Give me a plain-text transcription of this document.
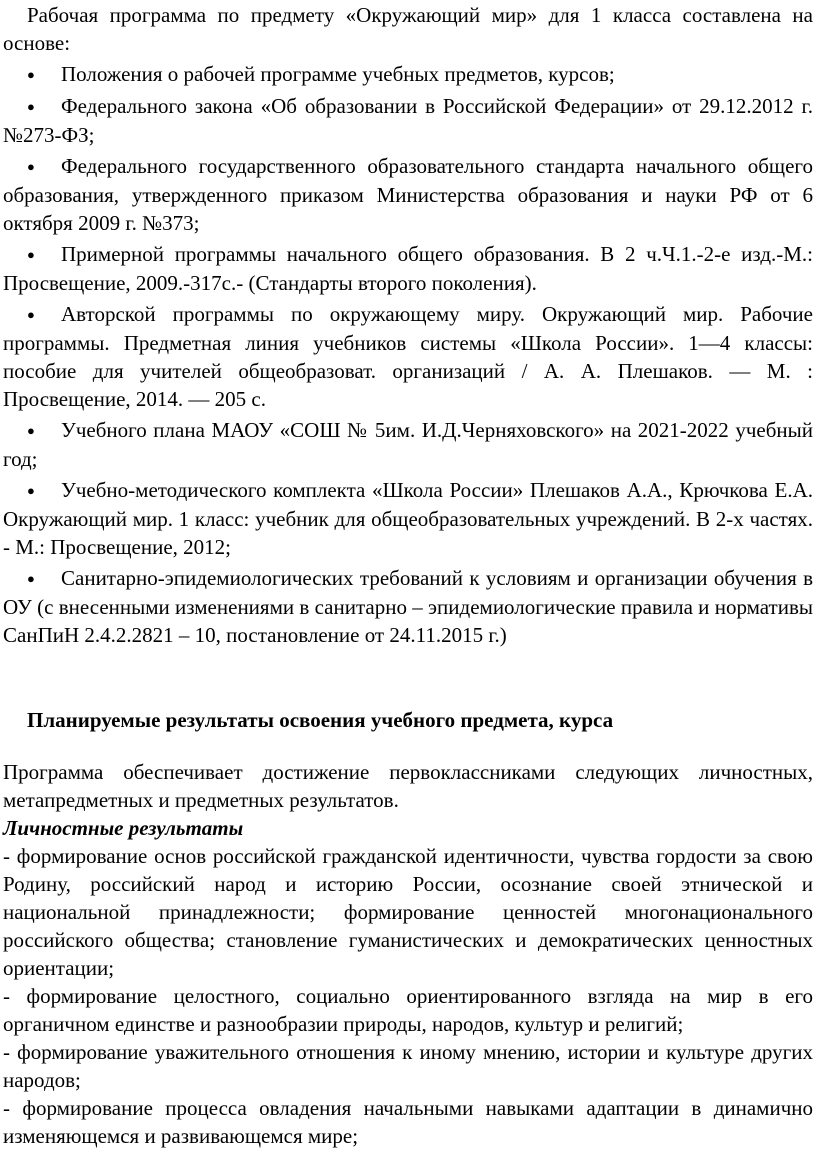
Рабочая программа по предмету «Окружающий мир» для 1 класса составлена на основе:

● Положения о рабочей программе учебных предметов, курсов;
● Федерального закона «Об образовании в Российской Федерации» от 29.12.2012 г. №273-ФЗ;
● Федерального государственного образовательного стандарта начального общего образования, утвержденного приказом Министерства образования и науки РФ от 6 октября 2009 г. №373;
● Примерной программы начального общего образования. В 2 ч.Ч.1.-2-е изд.-М.: Просвещение, 2009.-317с.- (Стандарты второго поколения).
● Авторской программы по окружающему миру. Окружающий мир. Рабочие программы. Предметная линия учебников системы «Школа России». 1—4 классы: пособие для учителей общеобразоват. организаций / А. А. Плешаков. — М. : Просвещение, 2014. — 205 с.
● Учебного плана МАОУ «СОШ № 5им. И.Д.Черняховского» на 2021-2022 учебный год;
● Учебно-методического комплекта «Школа России» Плешаков А.А., Крючкова Е.А. Окружающий мир. 1 класс: учебник для общеобразовательных учреждений. В 2-х частях. - М.: Просвещение, 2012;
● Санитарно-эпидемиологических требований к условиям и организации обучения в ОУ (с внесенными изменениями в санитарно – эпидемиологические правила и нормативы СанПиН 2.4.2.2821 – 10, постановление от 24.11.2015 г.)

Планируемые результаты освоения учебного предмета, курса

Программа обеспечивает достижение первоклассниками следующих личностных, метапредметных и предметных результатов.

Личностные результаты

- формирование основ российской гражданской идентичности, чувства гордости за свою Родину, российский народ и историю России, осознание своей этнической и национальной принадлежности; формирование ценностей многонационального российского общества; становление гуманистических и демократических ценностных ориентации;

- формирование целостного, социально ориентированного взгляда на мир в его органичном единстве и разнообразии природы, народов, культур и религий;

- формирование уважительного отношения к иному мнению, истории и культуре других народов;

- формирование процесса овладения начальными навыками адаптации в динамично изменяющемся и развивающемся мире;
